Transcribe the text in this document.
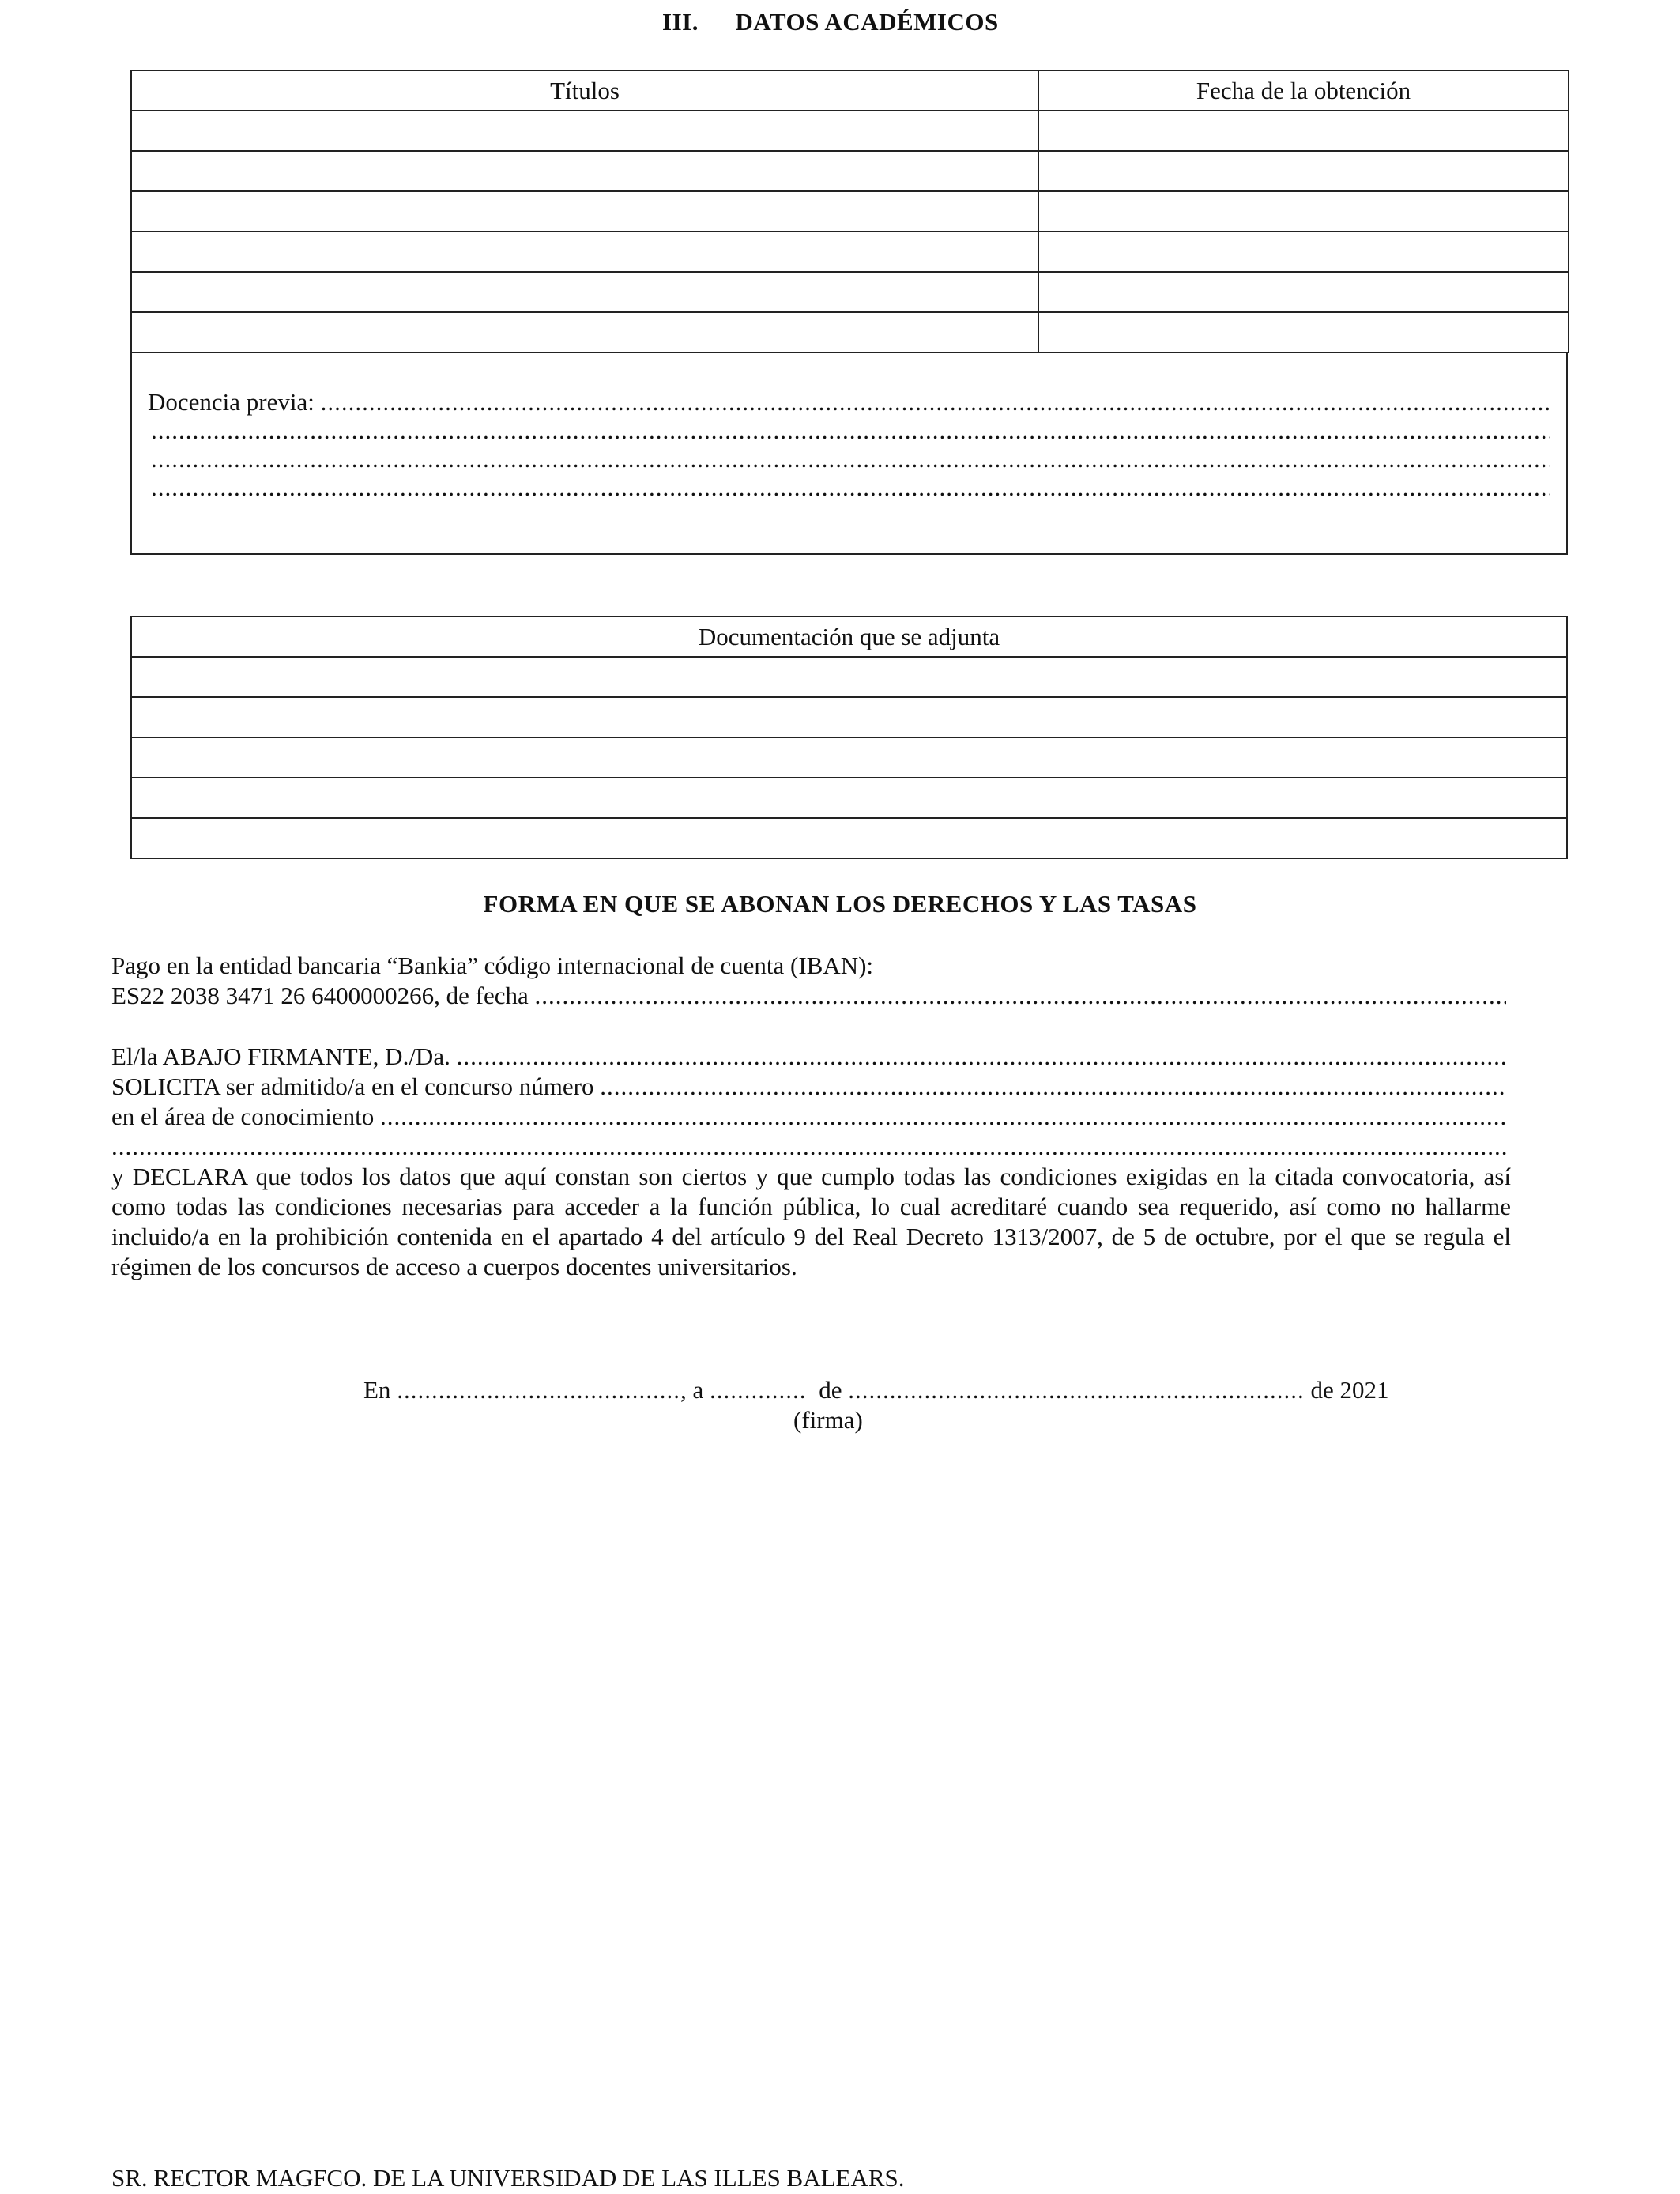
III. DATOS ACADÉMICOS
Títulos	Fecha de la obtención

Docencia previa: .....
.....
.....
.....
Documentación que se adjunta

FORMA EN QUE SE ABONAN LOS DERECHOS Y LAS TASAS
Pago en la entidad bancaria “Bankia” código internacional de cuenta (IBAN):
ES22 2038 3471 26 6400000266, de fecha .....
El/la ABAJO FIRMANTE, D./Da. .....
SOLICITA ser admitido/a en el concurso número .....
en el área de conocimiento .....
.....
y DECLARA que todos los datos que aquí constan son ciertos y que cumplo todas las condiciones exigidas en la citada convocatoria, así como todas las condiciones necesarias para acceder a la función pública, lo cual acreditaré cuando sea requerido, así como no hallarme incluido/a en la prohibición contenida en el apartado 4 del artículo 9 del Real Decreto 1313/2007, de 5 de octubre, por el que se regula el régimen de los concursos de acceso a cuerpos docentes universitarios.
En ........................................., a .............. de .................................................................. de 2021
(firma)
SR. RECTOR MAGFCO. DE LA UNIVERSIDAD DE LAS ILLES BALEARS.
